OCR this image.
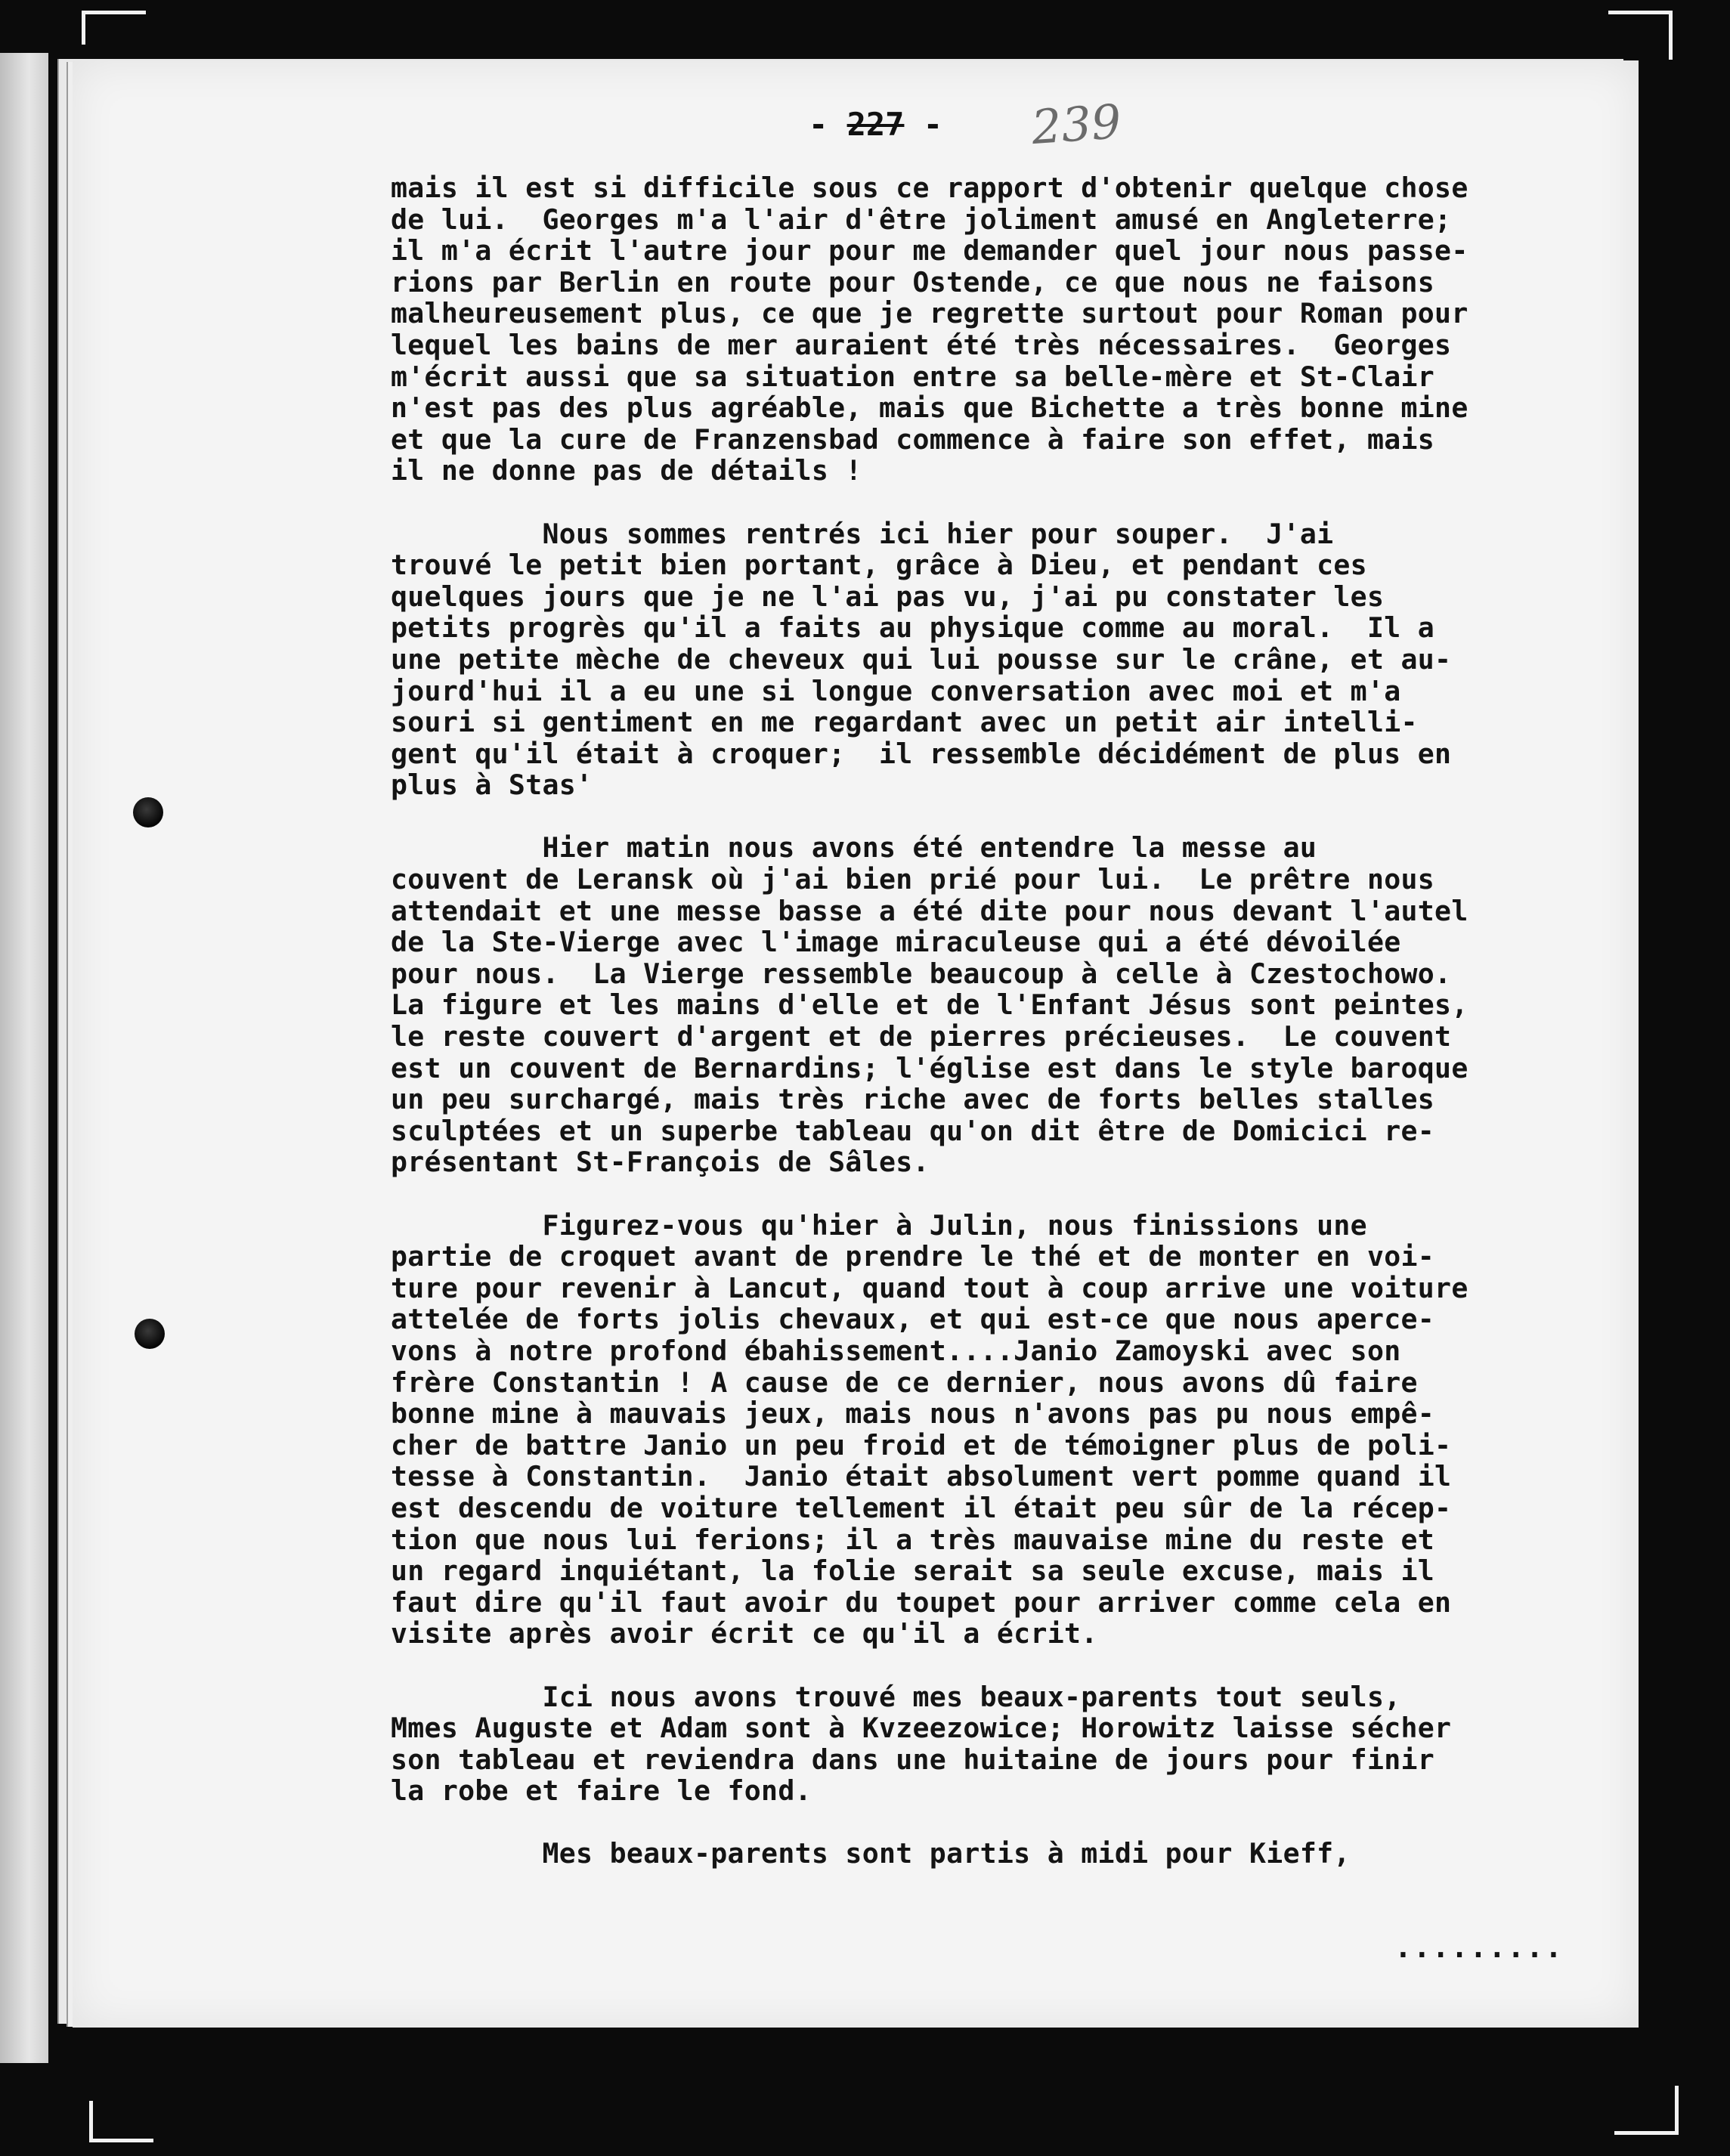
- 227 - 239
mais il est si difficile sous ce rapport d'obtenir quelque chose
de lui.  Georges m'a l'air d'être joliment amusé en Angleterre;
il m'a écrit l'autre jour pour me demander quel jour nous passe-
rions par Berlin en route pour Ostende, ce que nous ne faisons
malheureusement plus, ce que je regrette surtout pour Roman pour
lequel les bains de mer auraient été très nécessaires.  Georges
m'écrit aussi que sa situation entre sa belle-mère et St-Clair
n'est pas des plus agréable, mais que Bichette a très bonne mine
et que la cure de Franzensbad commence à faire son effet, mais
il ne donne pas de détails !
Nous sommes rentrés ici hier pour souper.  J'ai
trouvé le petit bien portant, grâce à Dieu, et pendant ces
quelques jours que je ne l'ai pas vu, j'ai pu constater les
petits progrès qu'il a faits au physique comme au moral.  Il a
une petite mèche de cheveux qui lui pousse sur le crâne, et au-
jourd'hui il a eu une si longue conversation avec moi et m'a
souri si gentiment en me regardant avec un petit air intelli-
gent qu'il était à croquer;  il ressemble décidément de plus en
plus à Stas'
Hier matin nous avons été entendre la messe au
couvent de Leransk où j'ai bien prié pour lui.  Le prêtre nous
attendait et une messe basse a été dite pour nous devant l'autel
de la Ste-Vierge avec l'image miraculeuse qui a été dévoilée
pour nous.  La Vierge ressemble beaucoup à celle à Czestochowo.
La figure et les mains d'elle et de l'Enfant Jésus sont peintes,
le reste couvert d'argent et de pierres précieuses.  Le couvent
est un couvent de Bernardins; l'église est dans le style baroque
un peu surchargé, mais très riche avec de forts belles stalles
sculptées et un superbe tableau qu'on dit être de Domicici re-
présentant St-François de Sâles.
Figurez-vous qu'hier à Julin, nous finissions une
partie de croquet avant de prendre le thé et de monter en voi-
ture pour revenir à Lancut, quand tout à coup arrive une voiture
attelée de forts jolis chevaux, et qui est-ce que nous aperce-
vons à notre profond ébahissement....Janio Zamoyski avec son
frère Constantin ! A cause de ce dernier, nous avons dû faire
bonne mine à mauvais jeux, mais nous n'avons pas pu nous empê-
cher de battre Janio un peu froid et de témoigner plus de poli-
tesse à Constantin.  Janio était absolument vert pomme quand il
est descendu de voiture tellement il était peu sûr de la récep-
tion que nous lui ferions; il a très mauvaise mine du reste et
un regard inquiétant, la folie serait sa seule excuse, mais il
faut dire qu'il faut avoir du toupet pour arriver comme cela en
visite après avoir écrit ce qu'il a écrit.
Ici nous avons trouvé mes beaux-parents tout seuls,
Mmes Auguste et Adam sont à Kvzeezowice; Horowitz laisse sécher
son tableau et reviendra dans une huitaine de jours pour finir
la robe et faire le fond.
Mes beaux-parents sont partis à midi pour Kieff,
.........
